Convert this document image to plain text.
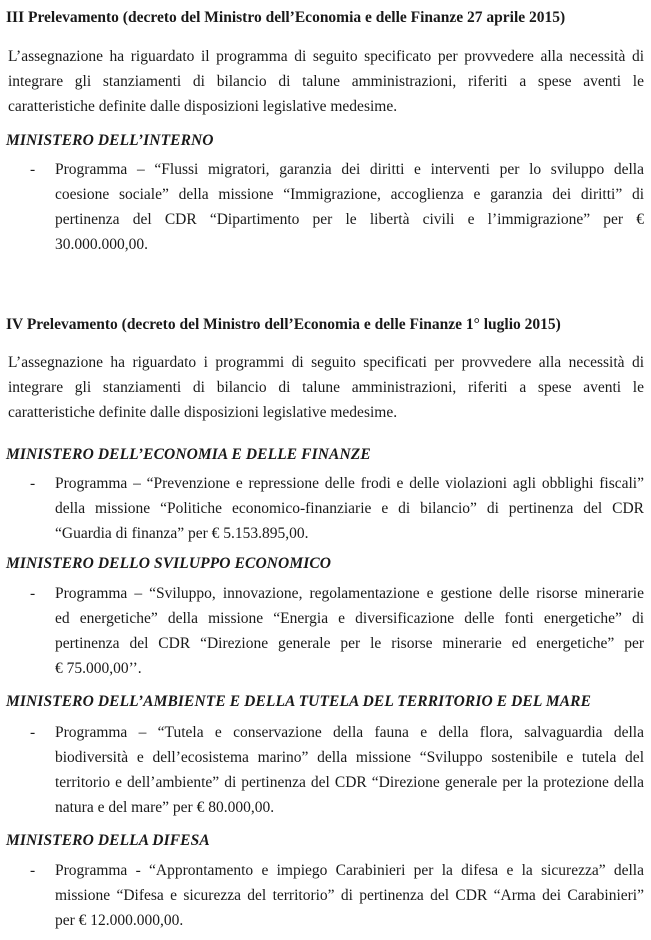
III Prelevamento (decreto del Ministro dell’Economia e delle Finanze 27 aprile 2015)

L’assegnazione ha riguardato il programma di seguito specificato per provvedere alla necessità di
integrare gli stanziamenti di bilancio di talune amministrazioni, riferiti a spese aventi le
caratteristiche definite dalle disposizioni legislative medesime.

MINISTERO DELL’INTERNO
- Programma – “Flussi migratori, garanzia dei diritti e interventi per lo sviluppo della
coesione sociale” della missione “Immigrazione, accoglienza e garanzia dei diritti” di
pertinenza del CDR “Dipartimento per le libertà civili e l’immigrazione” per €
30.000.000,00.

IV Prelevamento (decreto del Ministro dell’Economia e delle Finanze 1° luglio 2015)

L’assegnazione ha riguardato i programmi di seguito specificati per provvedere alla necessità di
integrare gli stanziamenti di bilancio di talune amministrazioni, riferiti a spese aventi le
caratteristiche definite dalle disposizioni legislative medesime.

MINISTERO DELL’ECONOMIA E DELLE FINANZE
- Programma – “Prevenzione e repressione delle frodi e delle violazioni agli obblighi fiscali”
della missione “Politiche economico-finanziarie e di bilancio” di pertinenza del CDR
“Guardia di finanza” per € 5.153.895,00.

MINISTERO DELLO SVILUPPO ECONOMICO
- Programma – “Sviluppo, innovazione, regolamentazione e gestione delle risorse minerarie
ed energetiche” della missione “Energia e diversificazione delle fonti energetiche” di
pertinenza del CDR “Direzione generale per le risorse minerarie ed energetiche” per
€ 75.000,00’’.

MINISTERO DELL’AMBIENTE E DELLA TUTELA DEL TERRITORIO E DEL MARE
- Programma – “Tutela e conservazione della fauna e della flora, salvaguardia della
biodiversità e dell’ecosistema marino” della missione “Sviluppo sostenibile e tutela del
territorio e dell’ambiente” di pertinenza del CDR “Direzione generale per la protezione della
natura e del mare” per € 80.000,00.

MINISTERO DELLA DIFESA
- Programma - “Approntamento e impiego Carabinieri per la difesa e la sicurezza” della
missione “Difesa e sicurezza del territorio” di pertinenza del CDR “Arma dei Carabinieri”
per € 12.000.000,00.
